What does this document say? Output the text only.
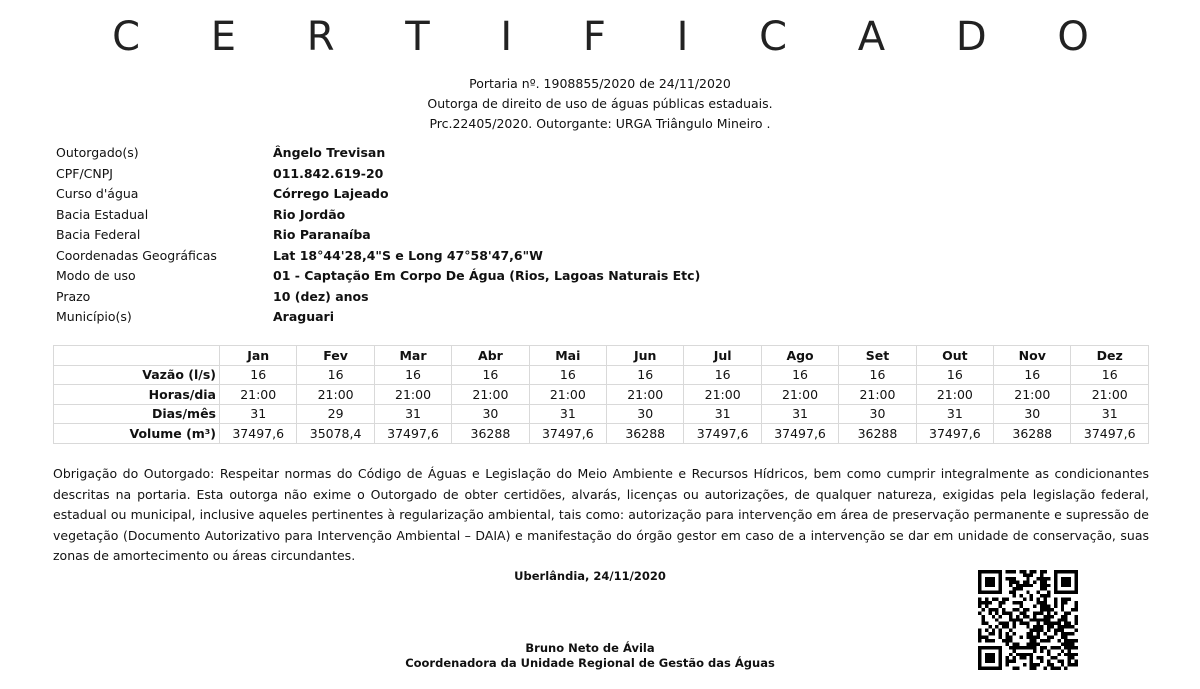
C E R T I F I C A D O
Portaria nº. 1908855/2020 de 24/11/2020
Outorga de direito de uso de águas públicas estaduais.
Prc.22405/2020. Outorgante: URGA Triângulo Mineiro .
Outorgado(s)	Ângelo Trevisan
CPF/CNPJ	011.842.619-20
Curso d'água	Córrego Lajeado
Bacia Estadual	Rio Jordão
Bacia Federal	Rio Paranaíba
Coordenadas Geográficas	Lat 18°44'28,4"S e Long 47°58'47,6"W
Modo de uso	01 - Captação Em Corpo De Água (Rios, Lagoas Naturais Etc)
Prazo	10 (dez) anos
Município(s)	Araguari
	Jan	Fev	Mar	Abr	Mai	Jun	Jul	Ago	Set	Out	Nov	Dez
Vazão (l/s)	16	16	16	16	16	16	16	16	16	16	16	16
Horas/dia	21:00	21:00	21:00	21:00	21:00	21:00	21:00	21:00	21:00	21:00	21:00	21:00
Dias/mês	31	29	31	30	31	30	31	31	30	31	30	31
Volume (m³)	37497,6	35078,4	37497,6	36288	37497,6	36288	37497,6	37497,6	36288	37497,6	36288	37497,6
Obrigação do Outorgado: Respeitar normas do Código de Águas e Legislação do Meio Ambiente e Recursos Hídricos, bem como cumprir integralmente as condicionantes descritas na portaria. Esta outorga não exime o Outorgado de obter certidões, alvarás, licenças ou autorizações, de qualquer natureza, exigidas pela legislação federal, estadual ou municipal, inclusive aqueles pertinentes à regularização ambiental, tais como: autorização para intervenção em área de preservação permanente e supressão de vegetação (Documento Autorizativo para Intervenção Ambiental – DAIA) e manifestação do órgão gestor em caso de a intervenção se dar em unidade de conservação, suas zonas de amortecimento ou áreas circundantes.
Uberlândia, 24/11/2020
Bruno Neto de Ávila
Coordenadora da Unidade Regional de Gestão das Águas
